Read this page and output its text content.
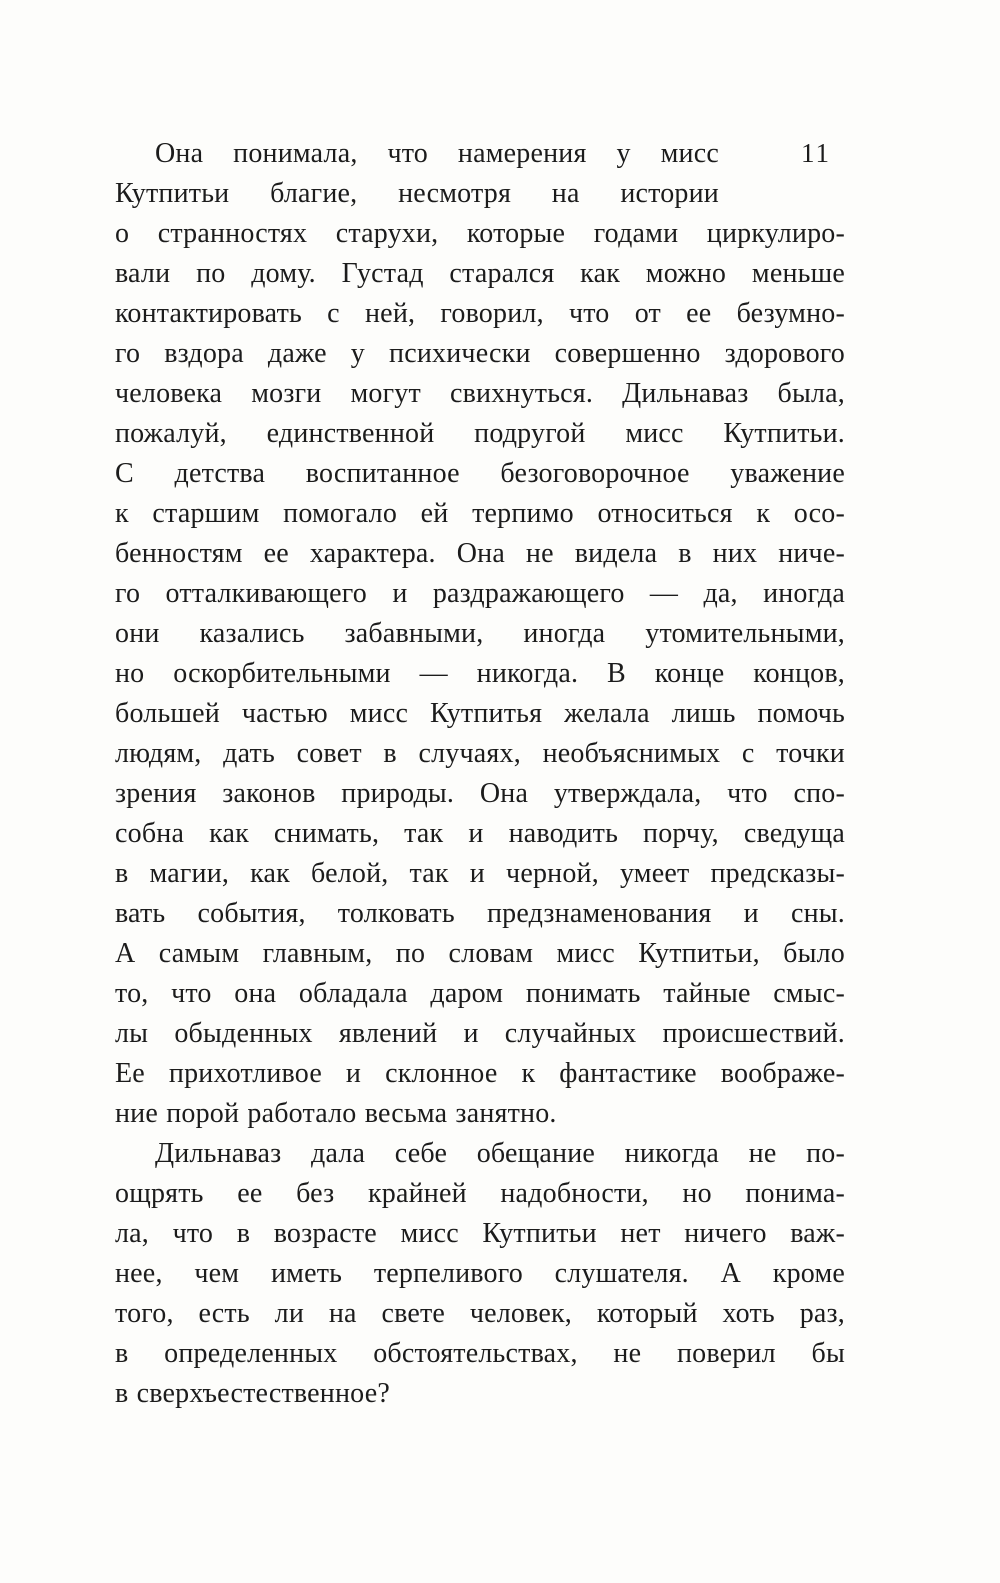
11
Она понимала, что намерения у мисс
Кутпитьи благие, несмотря на истории
о странностях старухи, которые годами циркулиро-
вали по дому. Густад старался как можно меньше
контактировать с ней, говорил, что от ее безумно-
го вздора даже у психически совершенно здорового
человека мозги могут свихнуться. Дильнаваз была,
пожалуй, единственной подругой мисс Кутпитьи.
С детства воспитанное безоговорочное уважение
к старшим помогало ей терпимо относиться к осо-
бенностям ее характера. Она не видела в них ниче-
го отталкивающего и раздражающего — да, иногда
они казались забавными, иногда утомительными,
но оскорбительными — никогда. В конце концов,
большей частью мисс Кутпитья желала лишь помочь
людям, дать совет в случаях, необъяснимых с точки
зрения законов природы. Она утверждала, что спо-
собна как снимать, так и наводить порчу, сведуща
в магии, как белой, так и черной, умеет предсказы-
вать события, толковать предзнаменования и сны.
А самым главным, по словам мисс Кутпитьи, было
то, что она обладала даром понимать тайные смыс-
лы обыденных явлений и случайных происшествий.
Ее прихотливое и склонное к фантастике воображе-
ние порой работало весьма занятно.
Дильнаваз дала себе обещание никогда не по-
ощрять ее без крайней надобности, но понима-
ла, что в возрасте мисс Кутпитьи нет ничего важ-
нее, чем иметь терпеливого слушателя. А кроме
того, есть ли на свете человек, который хоть раз,
в определенных обстоятельствах, не поверил бы
в сверхъестественное?
